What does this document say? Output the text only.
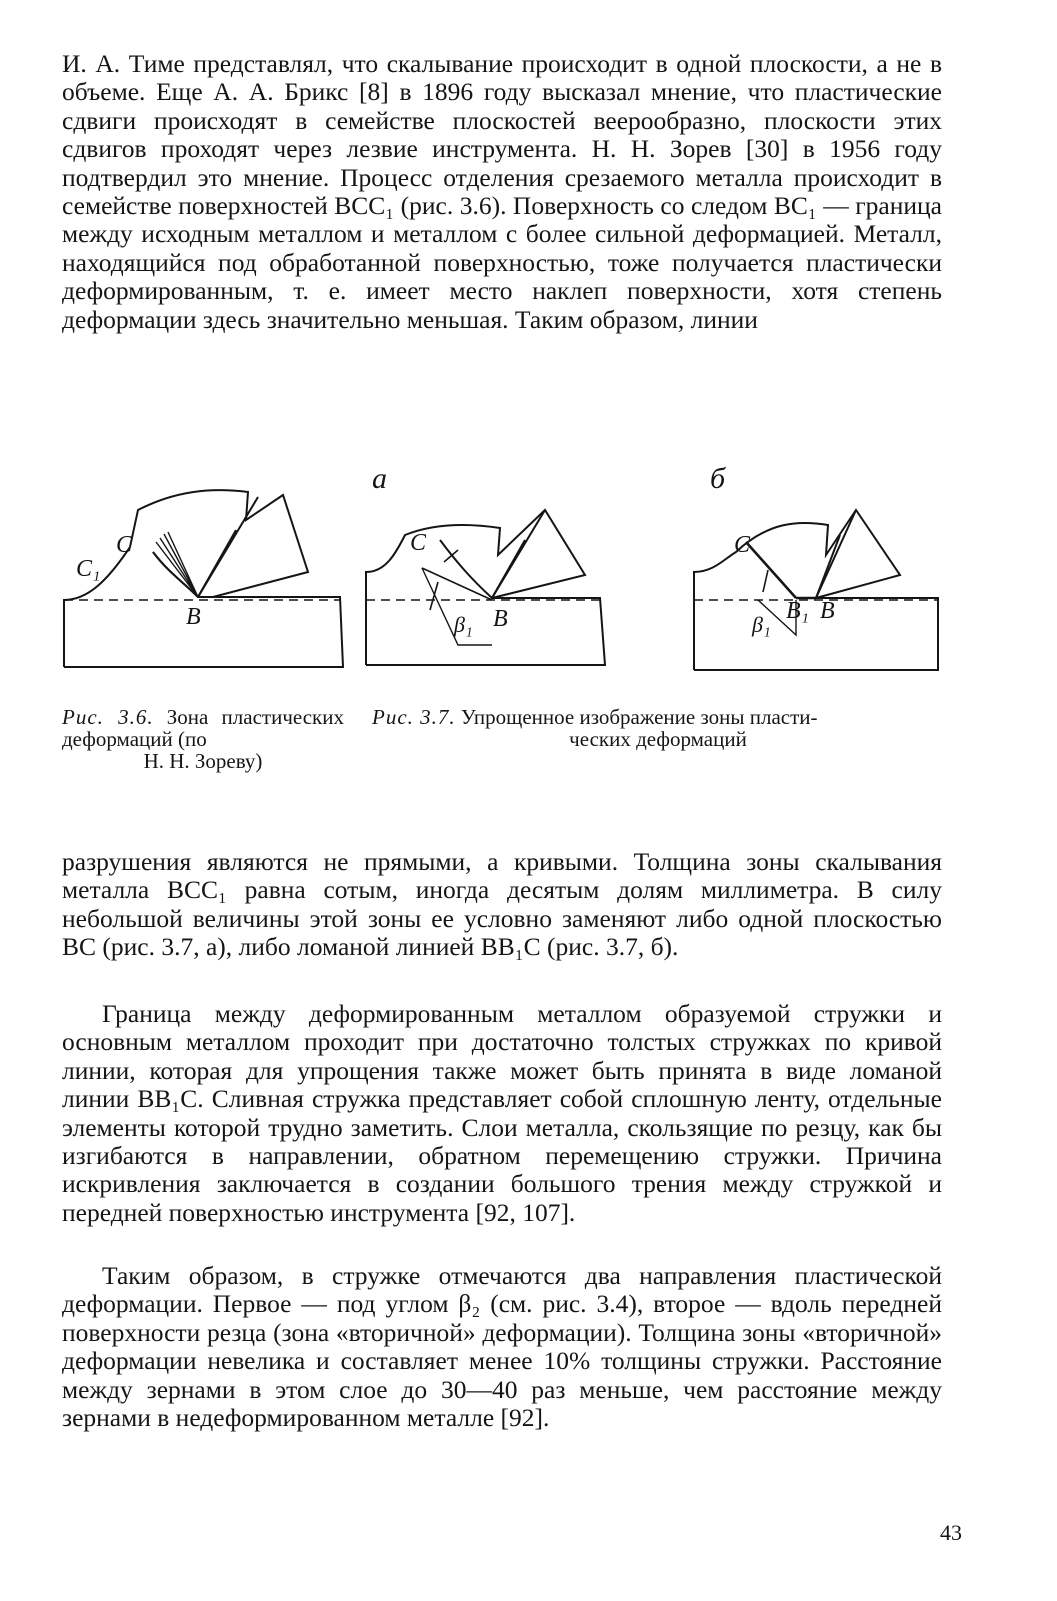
И. А. Тиме представлял, что скалывание происходит в одной плоскости, а не в объеме. Еще А. А. Брикс [8] в 1896 году высказал мнение, что пластические сдвиги происходят в семействе плоскостей веерообразно, плоскости этих сдвигов проходят через лезвие инструмента. Н. Н. Зорев [30] в 1956 году подтвердил это мнение. Процесс отделения срезаемого металла происходит в семействе поверхностей ВСС₁ (рис. 3.6). Поверхность со следом ВС₁ — граница между исходным металлом и металлом с более сильной деформацией. Металл, находящийся под обработанной поверхностью, тоже получается пластически деформированным, т. е. имеет место наклеп поверхности, хотя степень деформации здесь значительно меньшая. Таким образом, линии

C₁
C
B
а
C
β₁ B
б
C
β₁
B₁ B

Рис. 3.6. Зона пластических деформаций (по
Н. Н. Зореву)

Рис. 3.7. Упрощенное изображение зоны пласти-
ческих деформаций

разрушения являются не прямыми, а кривыми. Толщина зоны скалывания металла ВСС₁ равна сотым, иногда десятым долям миллиметра. В силу небольшой величины этой зоны ее условно заменяют либо одной плоскостью ВС (рис. 3.7, а), либо ломаной линией ВВ₁С (рис. 3.7, б).

Граница между деформированным металлом образуемой стружки и основным металлом проходит при достаточно толстых стружках по кривой линии, которая для упрощения также может быть принята в виде ломаной линии ВВ₁С. Сливная стружка представляет собой сплошную ленту, отдельные элементы которой трудно заметить. Слои металла, скользящие по резцу, как бы изгибаются в направлении, обратном перемещению стружки. Причина искривления заключается в создании большого трения между стружкой и передней поверхностью инструмента [92, 107].

Таким образом, в стружке отмечаются два направления пластической деформации. Первое — под углом β₂ (см. рис. 3.4), второе — вдоль передней поверхности резца (зона «вторичной» деформации). Толщина зоны «вторичной» деформации невелика и составляет менее 10% толщины стружки. Расстояние между зернами в этом слое до 30—40 раз меньше, чем расстояние между зернами в недеформированном металле [92].

43
